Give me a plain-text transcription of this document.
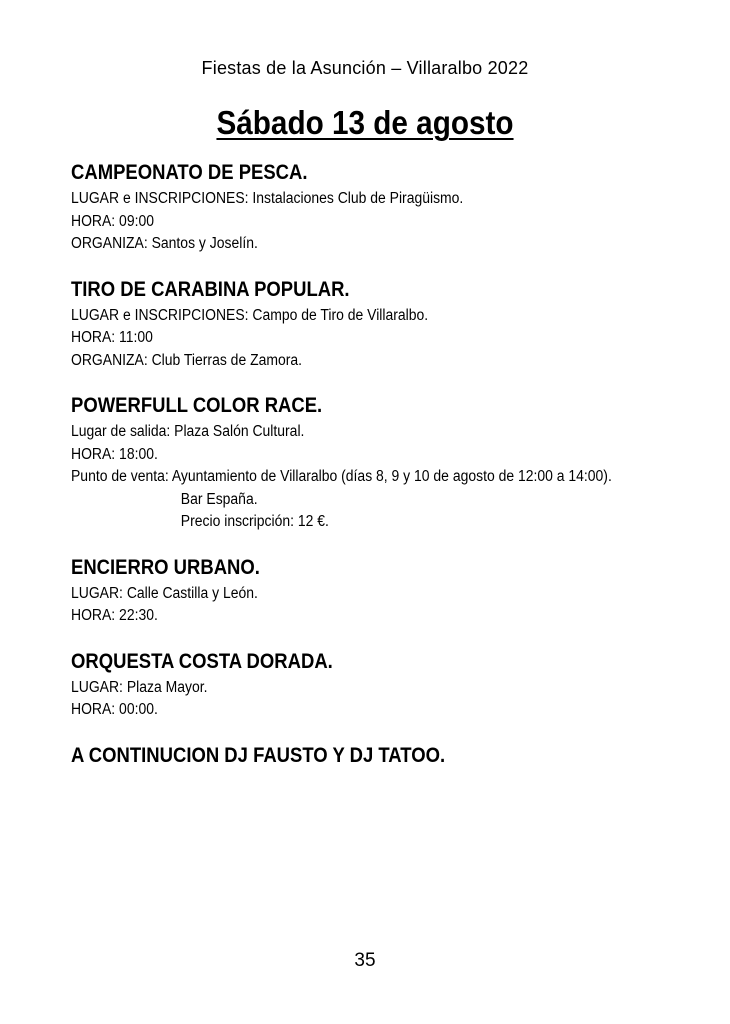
Fiestas de la Asunción – Villaralbo 2022
Sábado 13 de agosto
CAMPEONATO DE PESCA.
LUGAR e INSCRIPCIONES: Instalaciones Club de Piragüismo.
HORA: 09:00
ORGANIZA: Santos y Joselín.
TIRO DE CARABINA POPULAR.
LUGAR e INSCRIPCIONES: Campo de Tiro de Villaralbo.
HORA: 11:00
ORGANIZA: Club Tierras de Zamora.
POWERFULL COLOR RACE.
Lugar de salida: Plaza Salón Cultural.
HORA: 18:00.
Punto de venta: Ayuntamiento de Villaralbo (días 8, 9 y 10 de agosto de 12:00 a 14:00).
Bar España.
Precio inscripción: 12 €.
ENCIERRO URBANO.
LUGAR: Calle Castilla y León.
HORA: 22:30.
ORQUESTA COSTA DORADA.
LUGAR: Plaza Mayor.
HORA: 00:00.
A CONTINUCION DJ FAUSTO Y DJ TATOO.
35
